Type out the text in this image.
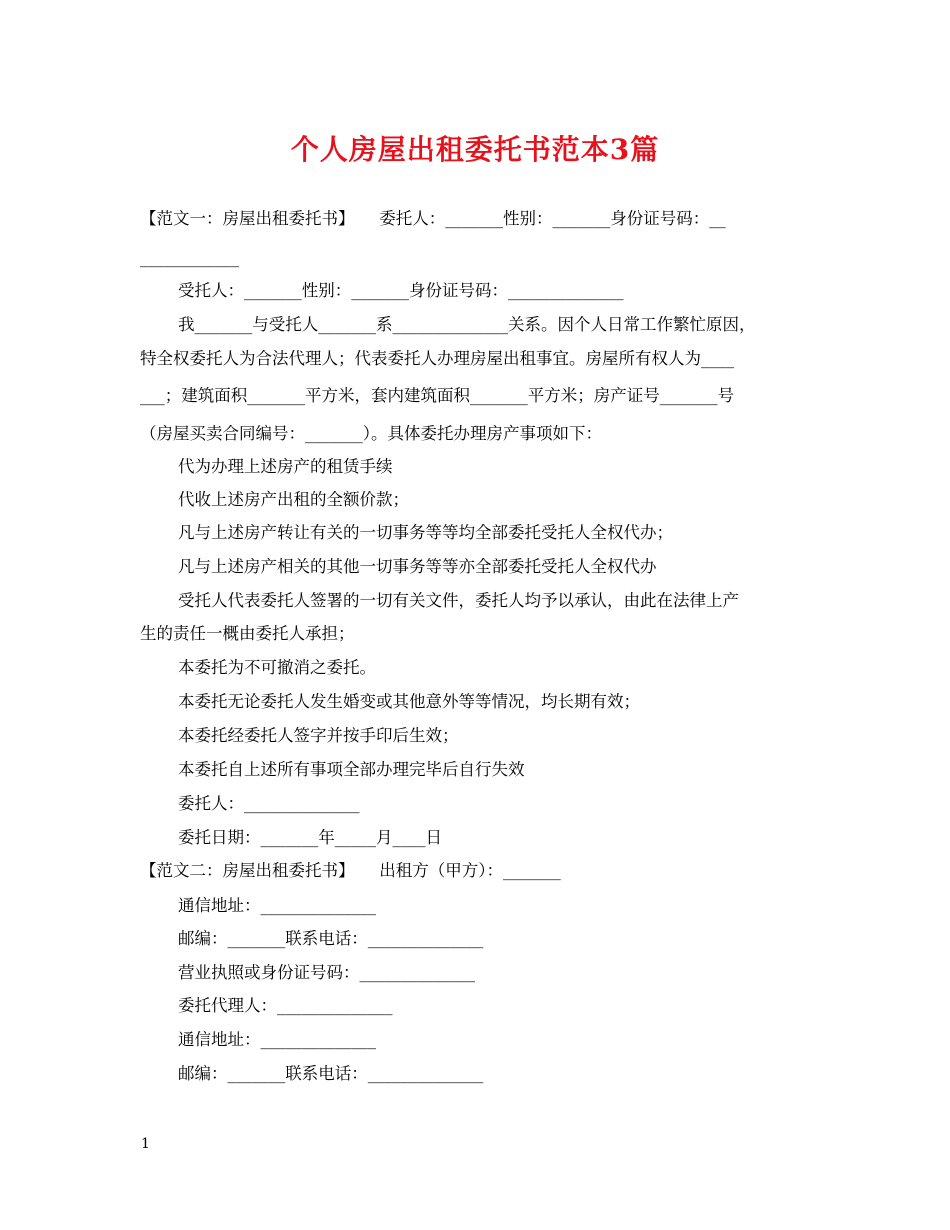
个人房屋出租委托书范本3篇
【范文一：房屋出租委托书】　　委托人：_______性别：_______身份证号码：__
____________
受托人：_______性别：_______身份证号码：______________
我_______与受托人_______系______________关系。因个人日常工作繁忙原因，
特全权委托人为合法代理人；代表委托人办理房屋出租事宜。房屋所有权人为____
___；建筑面积_______平方米，套内建筑面积_______平方米；房产证号_______号
（房屋买卖合同编号：_______）。具体委托办理房产事项如下：
代为办理上述房产的租赁手续
代收上述房产出租的全额价款；
凡与上述房产转让有关的一切事务等等均全部委托受托人全权代办；
凡与上述房产相关的其他一切事务等等亦全部委托受托人全权代办
受托人代表委托人签署的一切有关文件，委托人均予以承认，由此在法律上产
生的责任一概由委托人承担；
本委托为不可撤消之委托。
本委托无论委托人发生婚变或其他意外等等情况，均长期有效；
本委托经委托人签字并按手印后生效；
本委托自上述所有事项全部办理完毕后自行失效
委托人：______________
委托日期：_______年_____月____日
【范文二：房屋出租委托书】　　出租方（甲方）：_______
通信地址：______________
邮编：_______联系电话：______________
营业执照或身份证号码：______________
委托代理人：______________
通信地址：______________
邮编：_______联系电话：______________
1
